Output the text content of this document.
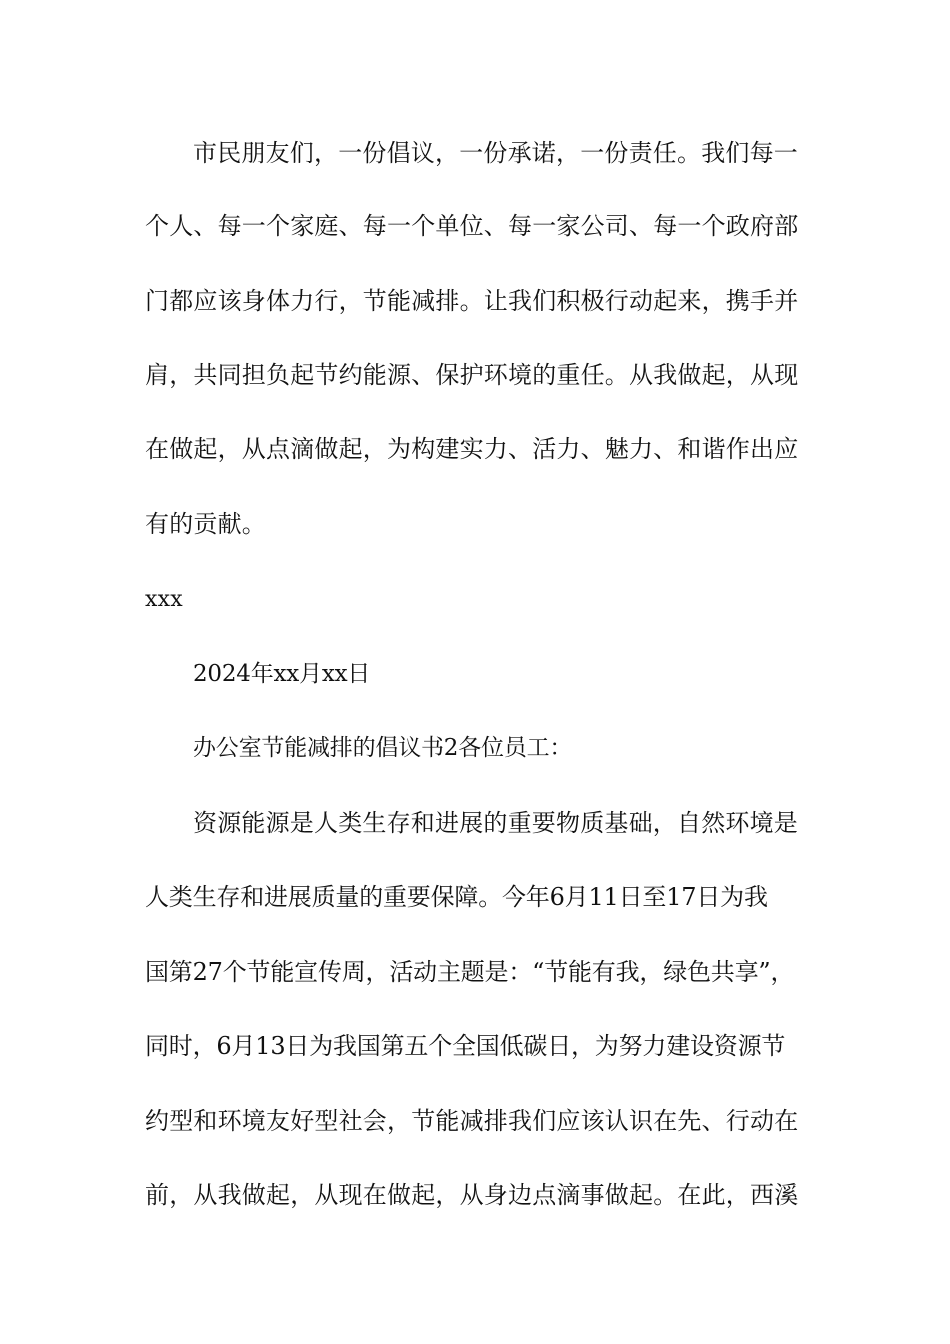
市民朋友们，一份倡议，一份承诺，一份责任。我们每一
个人、每一个家庭、每一个单位、每一家公司、每一个政府部
门都应该身体力行，节能减排。让我们积极行动起来，携手并
肩，共同担负起节约能源、保护环境的重任。从我做起，从现
在做起，从点滴做起，为构建实力、活力、魅力、和谐作出应
有的贡献。
xxx
2024年xx月xx日
办公室节能减排的倡议书2各位员工：
资源能源是人类生存和进展的重要物质基础，自然环境是
人类生存和进展质量的重要保障。今年6月11日至17日为我
国第27个节能宣传周，活动主题是：“节能有我，绿色共享”，
同时，6月13日为我国第五个全国低碳日，为努力建设资源节
约型和环境友好型社会，节能减排我们应该认识在先、行动在
前，从我做起，从现在做起，从身边点滴事做起。在此，西溪
